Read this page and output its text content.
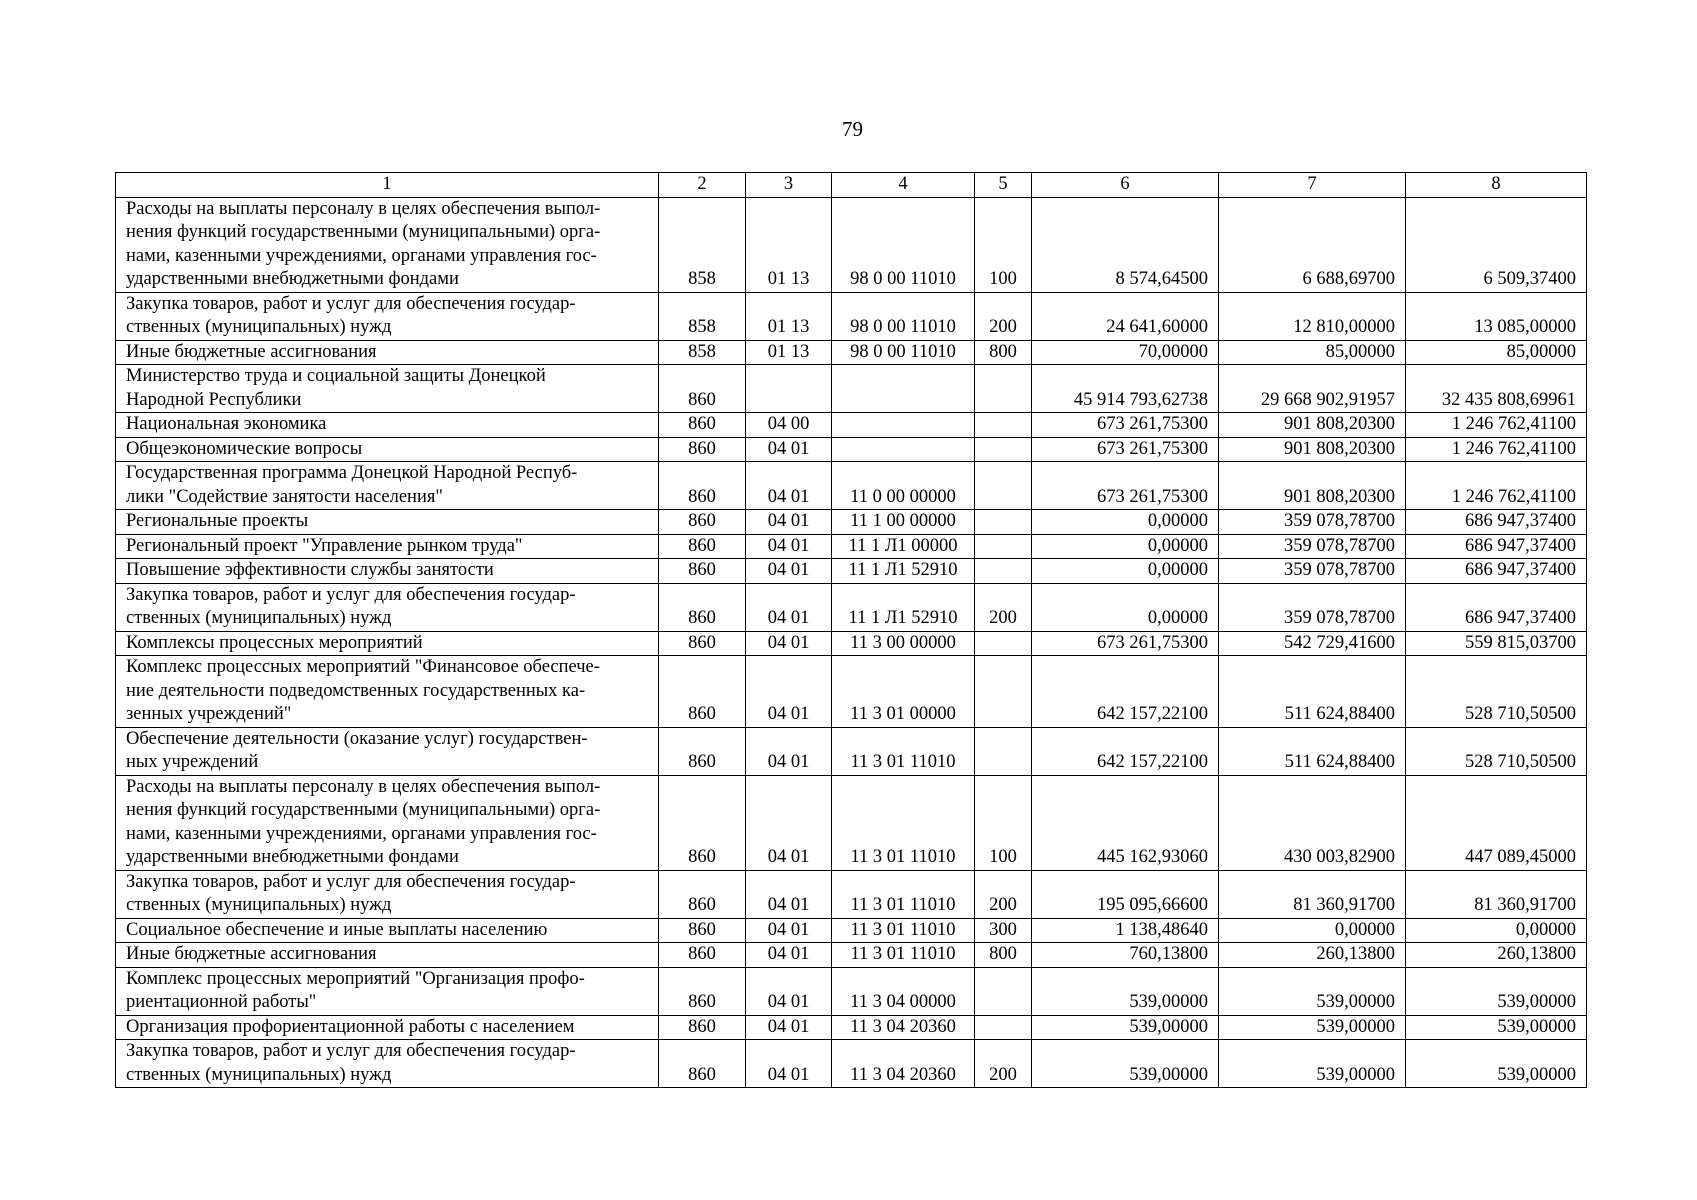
79
1	2	3	4	5	6	7	8

Расходы на выплаты персоналу в целях обеспечения выпол-
нения функций государственными (муниципальными) орга-
нами, казенными учреждениями, органами управления гос-
ударственными внебюджетными фондами	858	01 13	98 0 00 11010	100	8 574,64500	6 688,69700	6 509,37400

Закупка товаров, работ и услуг для обеспечения государ-
ственных (муниципальных) нужд	858	01 13	98 0 00 11010	200	24 641,60000	12 810,00000	13 085,00000

Иные бюджетные ассигнования	858	01 13	98 0 00 11010	800	70,00000	85,00000	85,00000

Министерство труда и социальной защиты Донецкой
Народной Республики	860				45 914 793,62738	29 668 902,91957	32 435 808,69961

Национальная экономика	860	04 00			673 261,75300	901 808,20300	1 246 762,41100

Общеэкономические вопросы	860	04 01			673 261,75300	901 808,20300	1 246 762,41100

Государственная программа Донецкой Народной Респуб-
лики "Содействие занятости населения"	860	04 01	11 0 00 00000		673 261,75300	901 808,20300	1 246 762,41100

Региональные проекты	860	04 01	11 1 00 00000		0,00000	359 078,78700	686 947,37400

Региональный проект "Управление рынком труда"	860	04 01	11 1 Л1 00000		0,00000	359 078,78700	686 947,37400

Повышение эффективности службы занятости	860	04 01	11 1 Л1 52910		0,00000	359 078,78700	686 947,37400

Закупка товаров, работ и услуг для обеспечения государ-
ственных (муниципальных) нужд	860	04 01	11 1 Л1 52910	200	0,00000	359 078,78700	686 947,37400

Комплексы процессных мероприятий	860	04 01	11 3 00 00000		673 261,75300	542 729,41600	559 815,03700

Комплекс процессных мероприятий "Финансовое обеспече-
ние деятельности подведомственных государственных ка-
зенных учреждений"	860	04 01	11 3 01 00000		642 157,22100	511 624,88400	528 710,50500

Обеспечение деятельности (оказание услуг) государствен-
ных учреждений	860	04 01	11 3 01 11010		642 157,22100	511 624,88400	528 710,50500

Расходы на выплаты персоналу в целях обеспечения выпол-
нения функций государственными (муниципальными) орга-
нами, казенными учреждениями, органами управления гос-
ударственными внебюджетными фондами	860	04 01	11 3 01 11010	100	445 162,93060	430 003,82900	447 089,45000

Закупка товаров, работ и услуг для обеспечения государ-
ственных (муниципальных) нужд	860	04 01	11 3 01 11010	200	195 095,66600	81 360,91700	81 360,91700

Социальное обеспечение и иные выплаты населению	860	04 01	11 3 01 11010	300	1 138,48640	0,00000	0,00000

Иные бюджетные ассигнования	860	04 01	11 3 01 11010	800	760,13800	260,13800	260,13800

Комплекс процессных мероприятий "Организация профо-
риентационной работы"	860	04 01	11 3 04 00000		539,00000	539,00000	539,00000

Организация профориентационной работы с населением	860	04 01	11 3 04 20360		539,00000	539,00000	539,00000

Закупка товаров, работ и услуг для обеспечения государ-
ственных (муниципальных) нужд	860	04 01	11 3 04 20360	200	539,00000	539,00000	539,00000
